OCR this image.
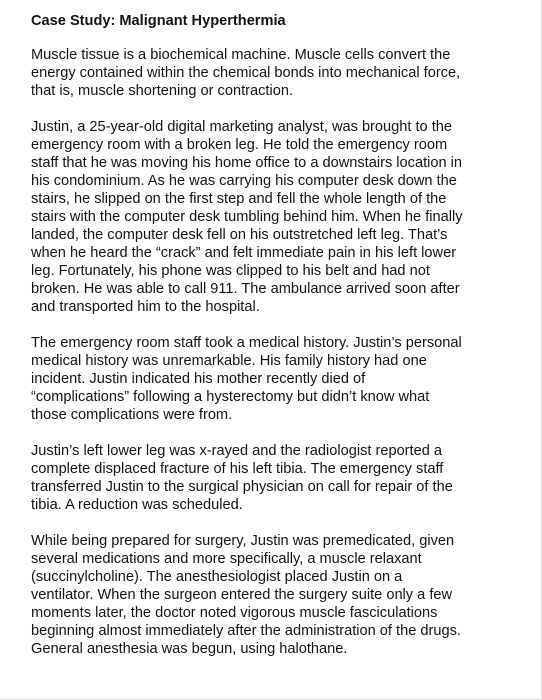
Case Study: Malignant Hyperthermia
Muscle tissue is a biochemical machine. Muscle cells convert the
energy contained within the chemical bonds into mechanical force,
that is, muscle shortening or contraction.
Justin, a 25-year-old digital marketing analyst, was brought to the
emergency room with a broken leg. He told the emergency room
staff that he was moving his home office to a downstairs location in
his condominium. As he was carrying his computer desk down the
stairs, he slipped on the first step and fell the whole length of the
stairs with the computer desk tumbling behind him. When he finally
landed, the computer desk fell on his outstretched left leg. That’s
when he heard the “crack” and felt immediate pain in his left lower
leg. Fortunately, his phone was clipped to his belt and had not
broken. He was able to call 911. The ambulance arrived soon after
and transported him to the hospital.
The emergency room staff took a medical history. Justin’s personal
medical history was unremarkable. His family history had one
incident. Justin indicated his mother recently died of
“complications” following a hysterectomy but didn’t know what
those complications were from.
Justin’s left lower leg was x-rayed and the radiologist reported a
complete displaced fracture of his left tibia. The emergency staff
transferred Justin to the surgical physician on call for repair of the
tibia. A reduction was scheduled.
While being prepared for surgery, Justin was premedicated, given
several medications and more specifically, a muscle relaxant
(succinylcholine). The anesthesiologist placed Justin on a
ventilator. When the surgeon entered the surgery suite only a few
moments later, the doctor noted vigorous muscle fasciculations
beginning almost immediately after the administration of the drugs.
General anesthesia was begun, using halothane.
